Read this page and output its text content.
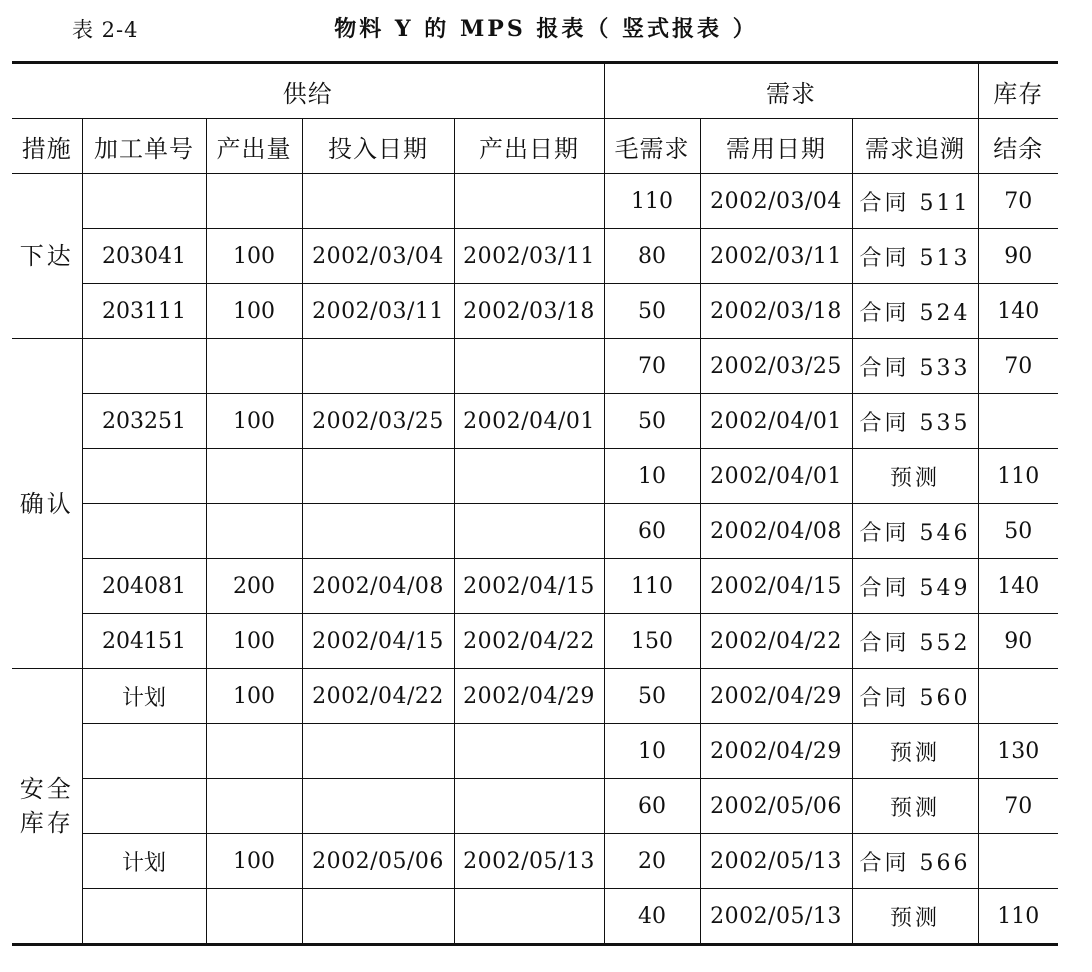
表 2-4	物料 Y 的 MPS 报表（ 竖式报表 ）
供给					需求			库存
措施	加工单号	产出量	投入日期	产出日期	毛需求	需用日期	需求追溯	结余

下达					110	2002/03/04	合同 511	70
	203041	100	2002/03/04	2002/03/11	80	2002/03/11	合同 513	90
	203111	100	2002/03/11	2002/03/18	50	2002/03/18	合同 524	140

确认					70	2002/03/25	合同 533	70
	203251	100	2002/03/25	2002/04/01	50	2002/04/01	合同 535	
					10	2002/04/01	预测	110
					60	2002/04/08	合同 546	50
	204081	200	2002/04/08	2002/04/15	110	2002/04/15	合同 549	140
	204151	100	2002/04/15	2002/04/22	150	2002/04/22	合同 552	90

安全
库存	计划	100	2002/04/22	2002/04/29	50	2002/04/29	合同 560	
					10	2002/04/29	预测	130
					60	2002/05/06	预测	70
	计划	100	2002/05/06	2002/05/13	20	2002/05/13	合同 566	
					40	2002/05/13	预测	110
